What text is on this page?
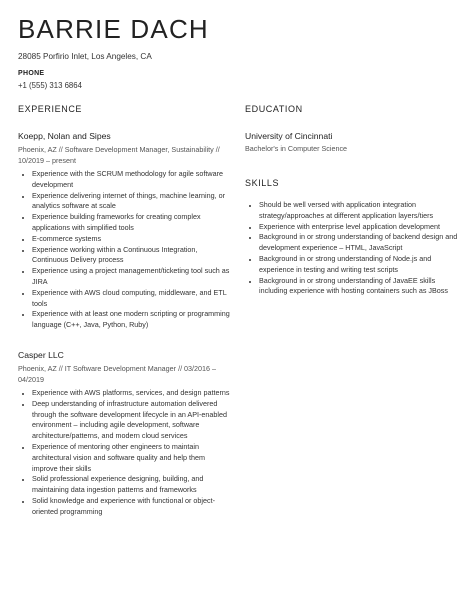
BARRIE DACH
28085 Porfirio Inlet, Los Angeles, CA
PHONE
+1 (555) 313 6864
EXPERIENCE
Koepp, Nolan and Sipes
Phoenix, AZ // Software Development Manager, Sustainability // 10/2019 – present
• Experience with the SCRUM methodology for agile software development
• Experience delivering internet of things, machine learning, or analytics software at scale
• Experience building frameworks for creating complex applications with simplified tools
• E-commerce systems
• Experience working within a Continuous Integration, Continuous Delivery process
• Experience using a project management/ticketing tool such as JIRA
• Experience with AWS cloud computing, middleware, and ETL tools
• Experience with at least one modern scripting or programming language (C++, Java, Python, Ruby)
Casper LLC
Phoenix, AZ // IT Software Development Manager // 03/2016 – 04/2019
• Experience with AWS platforms, services, and design patterns
• Deep understanding of infrastructure automation delivered through the software development lifecycle in an API-enabled environment – including agile development, software architecture/patterns, and modern cloud services
• Experience of mentoring other engineers to maintain architectural vision and software quality and help them improve their skills
• Solid professional experience designing, building, and maintaining data ingestion patterns and frameworks
• Solid knowledge and experience with functional or object-oriented programming
EDUCATION
University of Cincinnati
Bachelor's in Computer Science
SKILLS
• Should be well versed with application integration strategy/approaches at different application layers/tiers
• Experience with enterprise level application development
• Background in or strong understanding of backend design and development experience – HTML, JavaScript
• Background in or strong understanding of Node.js and experience in testing and writing test scripts
• Background in or strong understanding of JavaEE skills including experience with hosting containers such as JBoss
